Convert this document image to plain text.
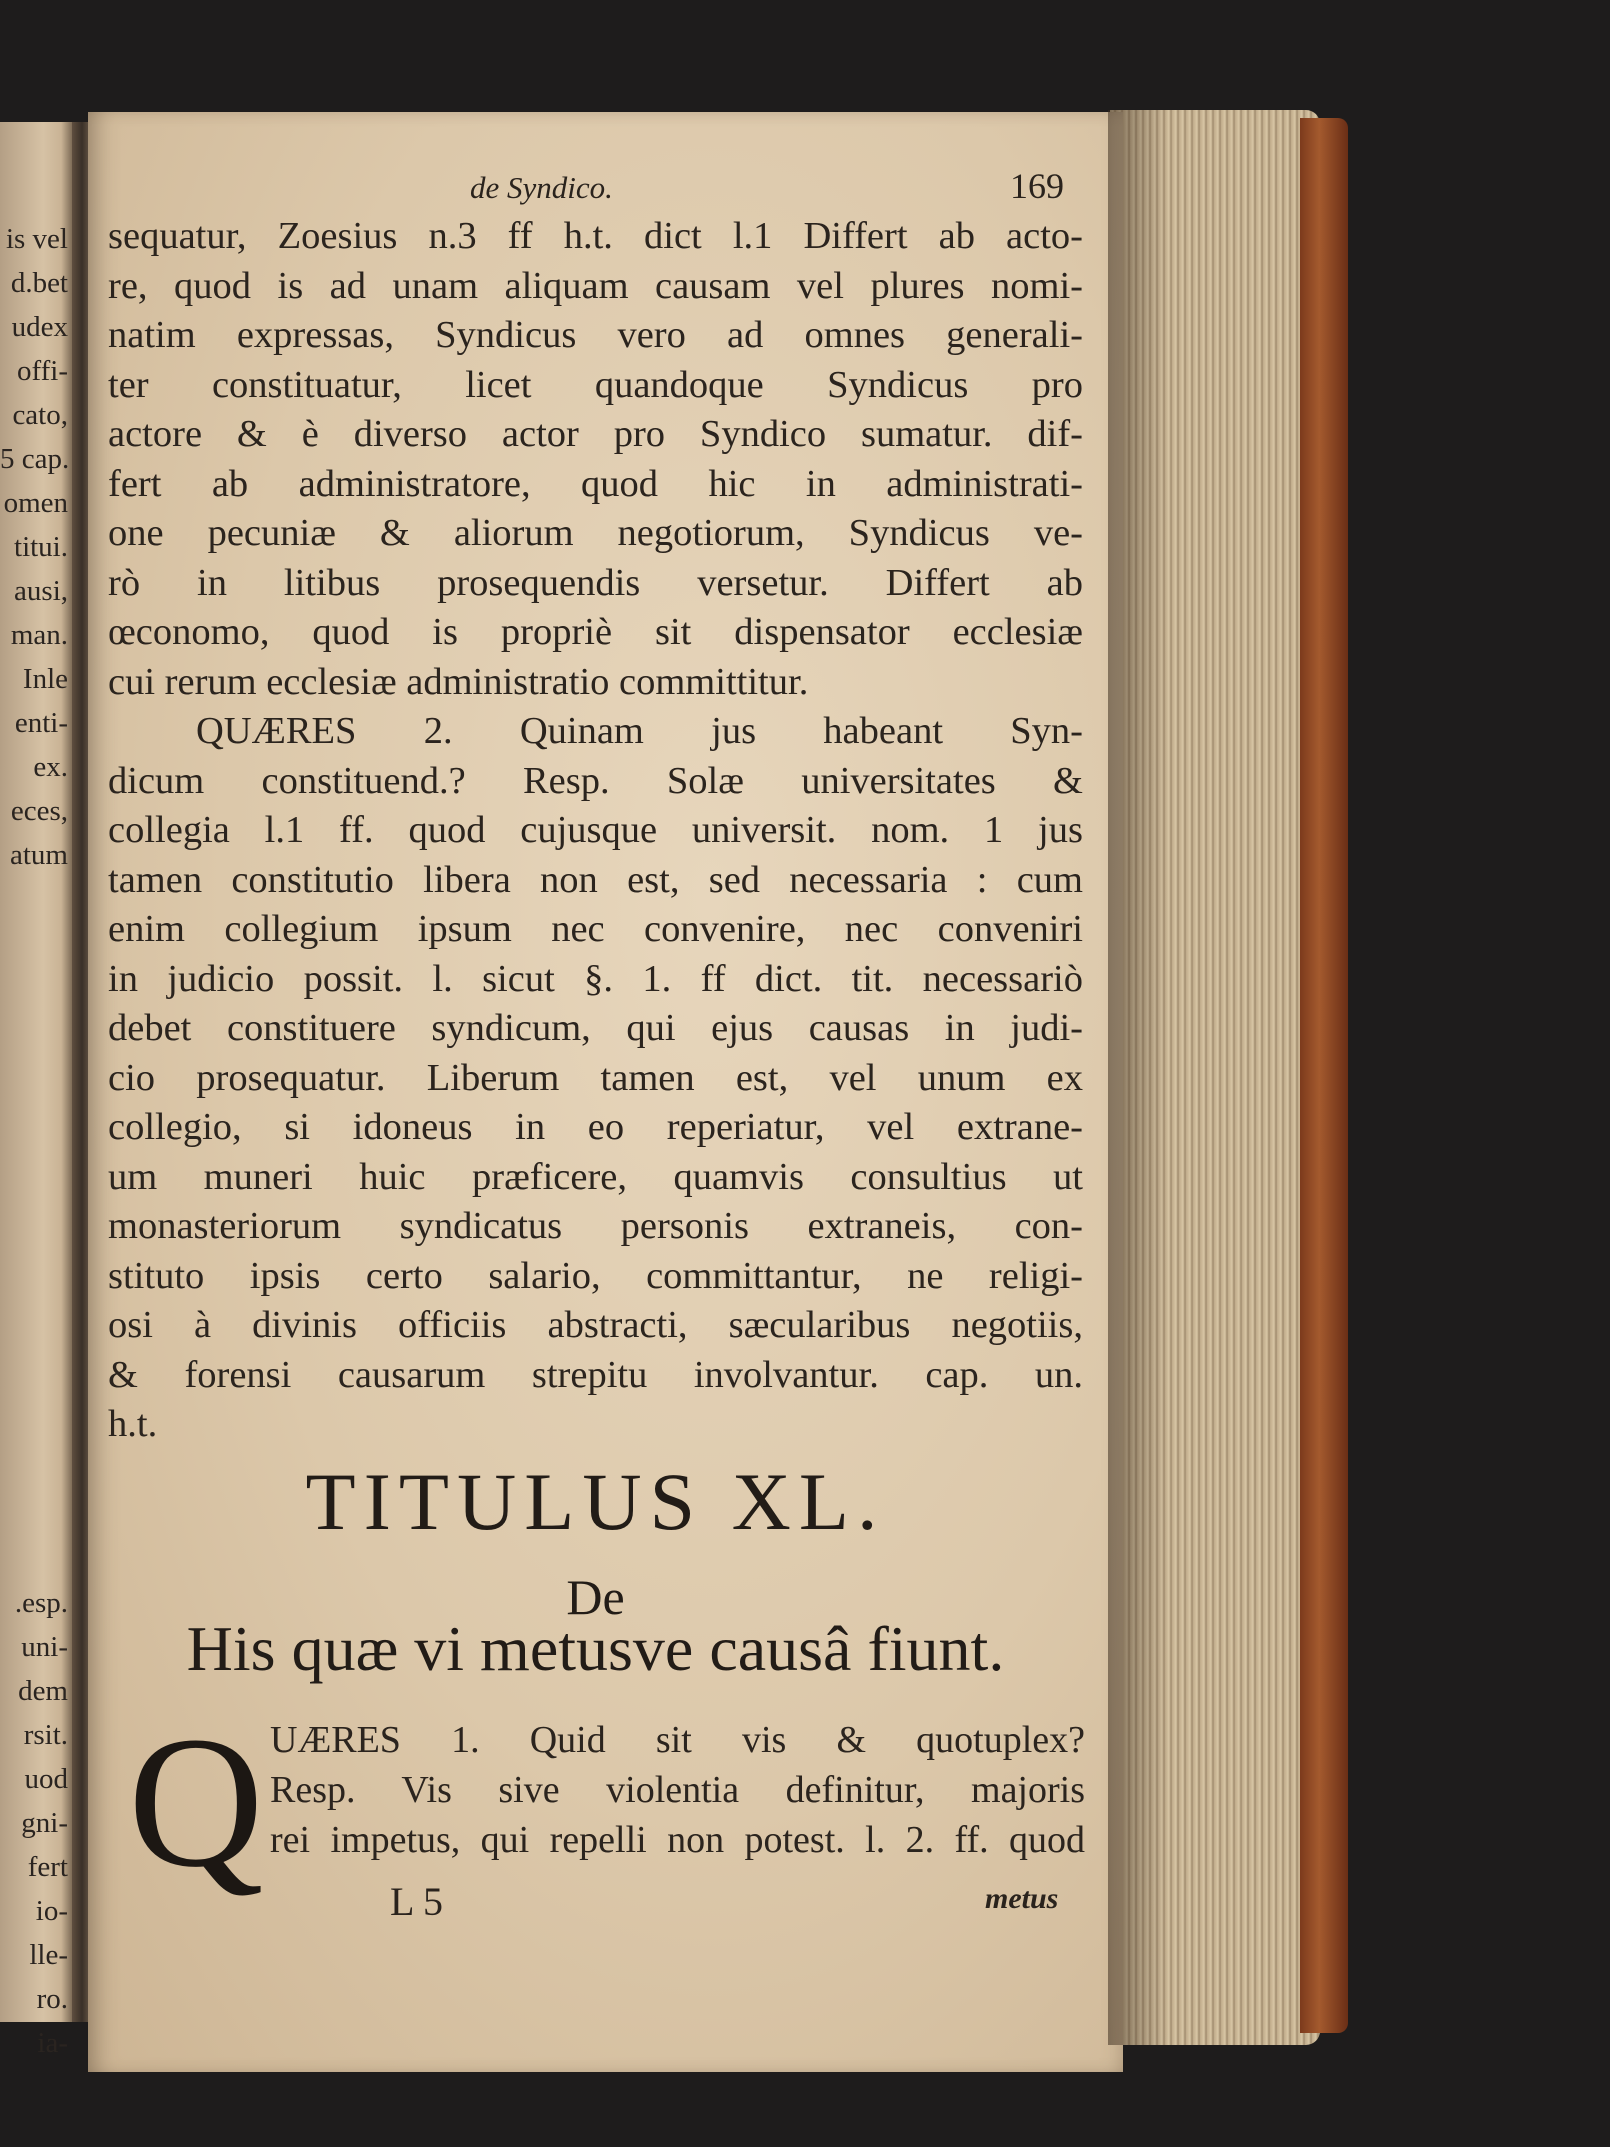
is vel
d.bet
udex
offi-
cato,
5 cap.
omen
titui.
ausi,
man.
Inle
enti-
ex.
eces,
atum
.esp.
uni-
dem
rsit.
uod
gni-
fert
io-
lle-
ro.
ia-
de Syndico.	169
sequatur, Zoesius n.3 ff h.t. dict l.1 Differt ab acto-
re, quod is ad unam aliquam causam vel plures nomi-
natim expressas, Syndicus vero ad omnes generali-
ter constituatur, licet quandoque Syndicus pro
actore & è diverso actor pro Syndico sumatur. dif-
fert ab administratore, quod hic in administrati-
one pecuniæ & aliorum negotiorum, Syndicus ve-
rò in litibus prosequendis versetur. Differt ab
œconomo, quod is propriè sit dispensator ecclesiæ
cui rerum ecclesiæ administratio committitur.
QUÆRES 2. Quinam jus habeant Syn-
dicum constituend.? Resp. Solæ universitates &
collegia l.1 ff. quod cujusque universit. nom. 1 jus
tamen constitutio libera non est, sed necessaria : cum
enim collegium ipsum nec convenire, nec conveniri
in judicio possit. l. sicut §. 1. ff dict. tit. necessariò
debet constituere syndicum, qui ejus causas in judi-
cio prosequatur. Liberum tamen est, vel unum ex
collegio, si idoneus in eo reperiatur, vel extrane-
um muneri huic præficere, quamvis consultius ut
monasteriorum syndicatus personis extraneis, con-
stituto ipsis certo salario, committantur, ne religi-
osi à divinis officiis abstracti, sæcularibus negotiis,
& forensi causarum strepitu involvantur. cap. un.
h.t.
TITULUS XL.
De
His quæ vi metusve causâ fiunt.
Q UÆRES 1. Quid sit vis & quotuplex?
Resp. Vis sive violentia definitur, majoris
rei impetus, qui repelli non potest. l. 2. ff. quod
L 5	metus
